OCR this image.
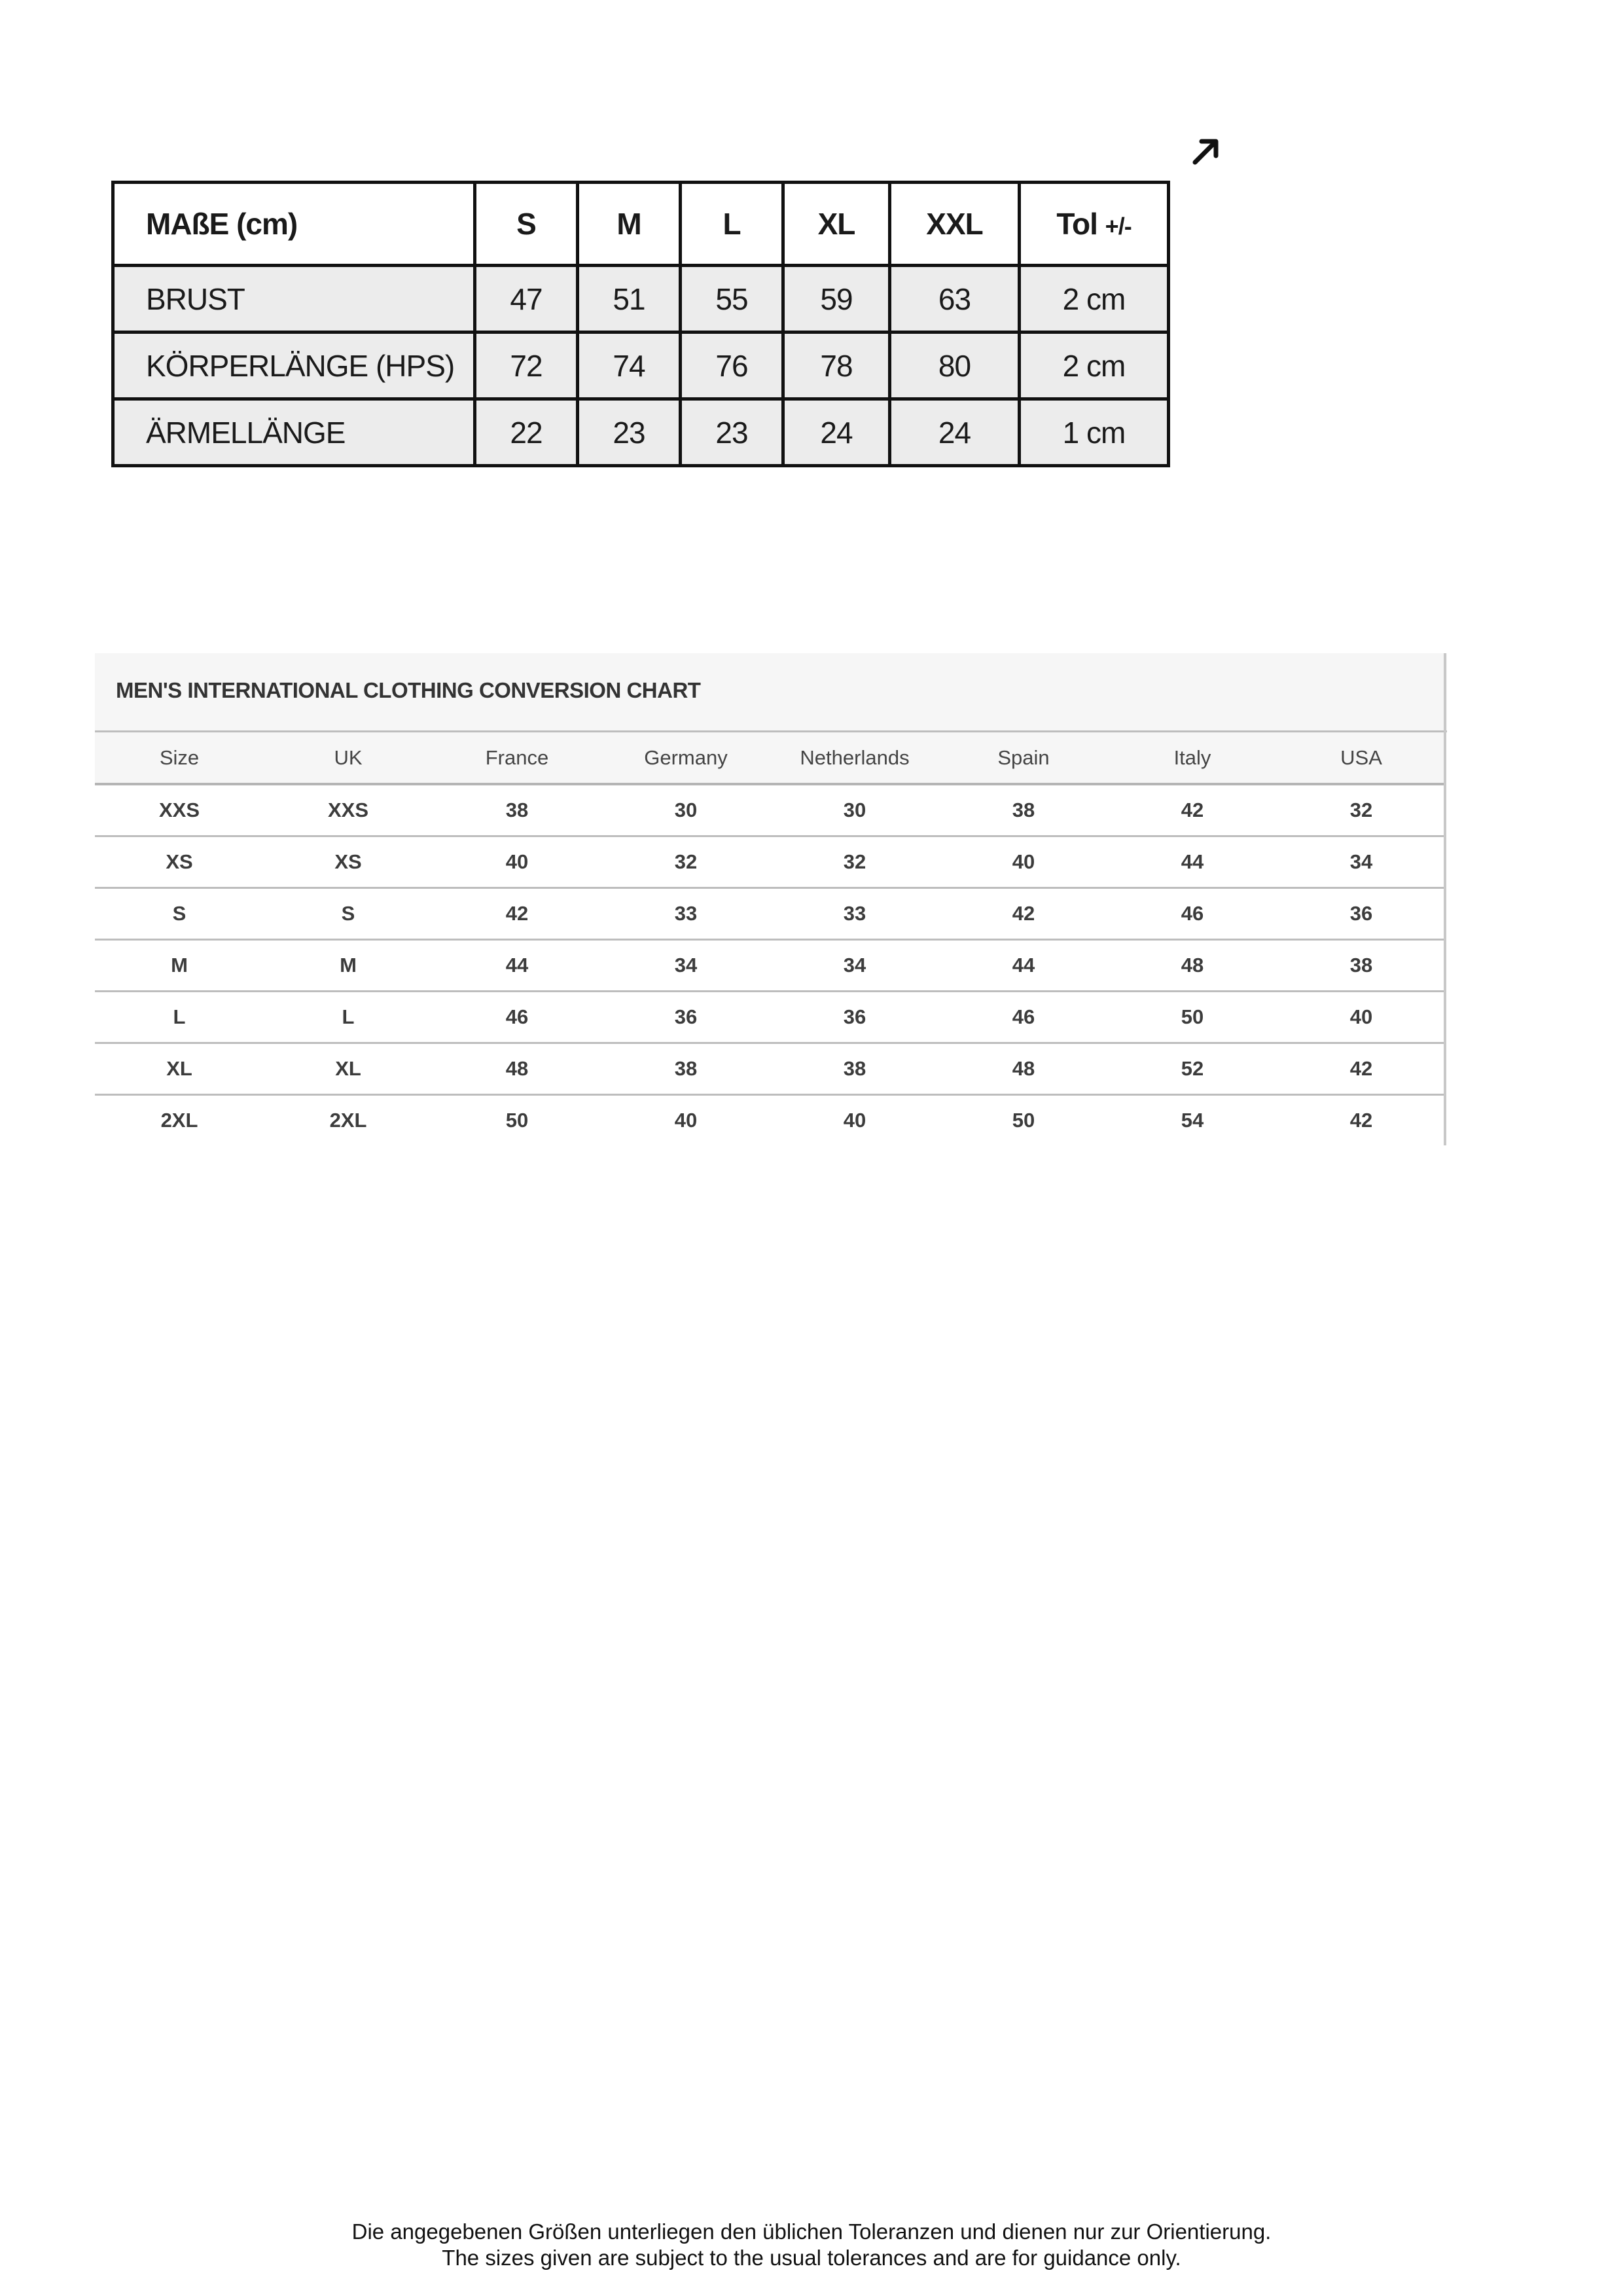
MAßE (cm)	S	M	L	XL	XXL	Tol +/-
BRUST	47	51	55	59	63	2 cm
KÖRPERLÄNGE (HPS)	72	74	76	78	80	2 cm
ÄRMELLÄNGE	22	23	23	24	24	1 cm
MEN'S INTERNATIONAL CLOTHING CONVERSION CHART
Size	UK	France	Germany	Netherlands	Spain	Italy	USA
XXS	XXS	38	30	30	38	42	32
XS	XS	40	32	32	40	44	34
S	S	42	33	33	42	46	36
M	M	44	34	34	44	48	38
L	L	46	36	36	46	50	40
XL	XL	48	38	38	48	52	42
2XL	2XL	50	40	40	50	54	42
Die angegebenen Größen unterliegen den üblichen Toleranzen und dienen nur zur Orientierung.
The sizes given are subject to the usual tolerances and are for guidance only.
